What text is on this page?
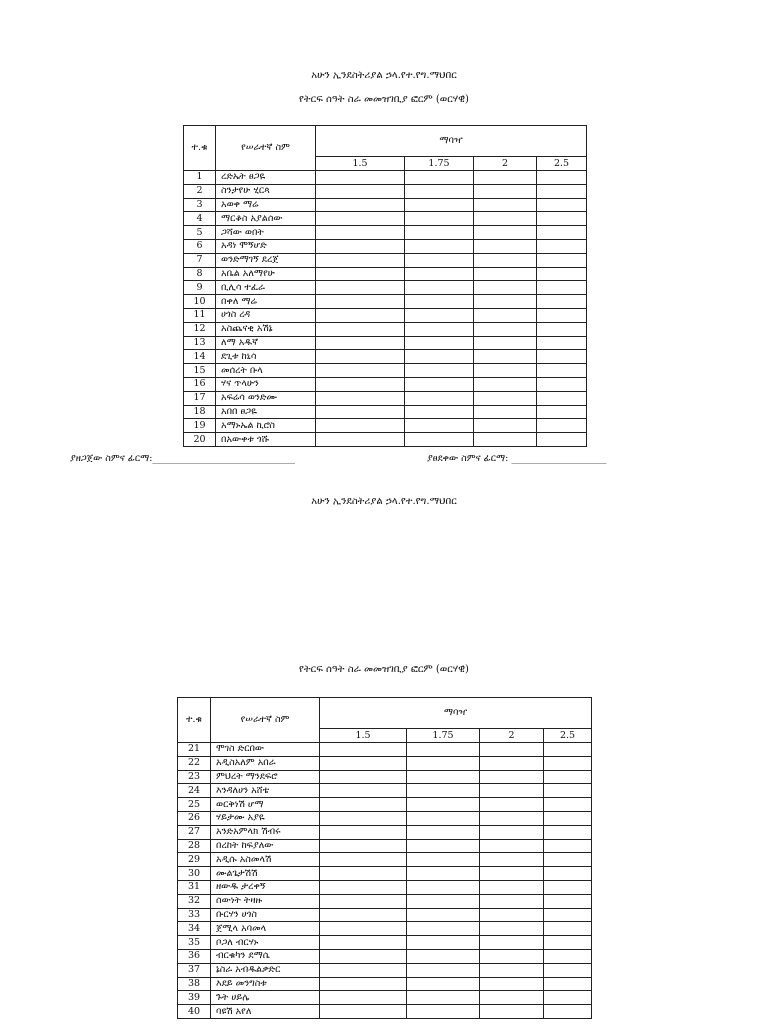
አሁን ኢንደስትሪያል ኃላ.የተ.የግ.ማህበር
የትርፍ ሰዓት ስራ መመዝገቢያ ፎርም (ወርሃዊ)
ተ.ቁ	የሠራተኛ ስም	ማባዣ			
		1.5	1.75	2	2.5
1	ረድኤት ፀጋዬ				
2	ስንታየሁ ሂርጳ				
3	አወቀ ማሬ				
4	ማርቆስ አያልሰው				
5	ጋሻው ወበት				
6	አዳነ ሞኝሆድ				
7	ወንድማገኝ ደረጀ				
8	አቤል አለማየሁ				
9	ቢሊሳ ተፈራ				
10	በቀለ ማሬ				
11	ሀጎስ ረዳ				
12	አስጨናቂ አሽኔ				
13	ለማ አዱኛ				
14	ደጊቱ ከኒሳ				
15	መሰረት ቡላ				
16	ሃና ጥላሁን				
17	አፍሬሳ ወንድሙ				
18	አበበ ፀጋዬ				
19	አማኑኤል ኪሮስ				
20	በአውቀቱ ጎሹ				
ያዘጋጀው ስምና ፊርማ:______________________________	ያፀደቀው ስምና ፊርማ: ____________________
አሁን ኢንደስትሪያል ኃላ.የተ.የግ.ማህበር
የትርፍ ሰዓት ስራ መመዝገቢያ ፎርም (ወርሃዊ)
ተ.ቁ	የሠራተኛ ስም	ማባዣ			
		1.5	1.75	2	2.5
21	ሞገስ ድርበው				
22	አዲስአለም አበራ				
23	ምህረት ማንደፍሮ				
24	እንዳለሀን አሸቴ				
25	ወርቅነሽ ሆማ				
26	ሃይታሙ አያዬ				
27	አንድአምላክ ሽብሩ				
28	በረከት ከፍያለው				
29	አዲሱ አስመላሽ				
30	ሙልጌታሽሽ				
31	ዘውዱ ታረቀኝ				
32	ሰውነት ትዛዙ				
33	ቡርሃን ሀጎስ				
34	ጀሚላ አባመላ				
35	ቦጋለ ብርሃኑ				
36	ብርቁካን ደማሴ				
37	ኔስራ አብዱልቃድር				
38	እደይ መንግስቱ				
39	ጉት ሀይሌ				
40	ባዩሽ አየለ				
